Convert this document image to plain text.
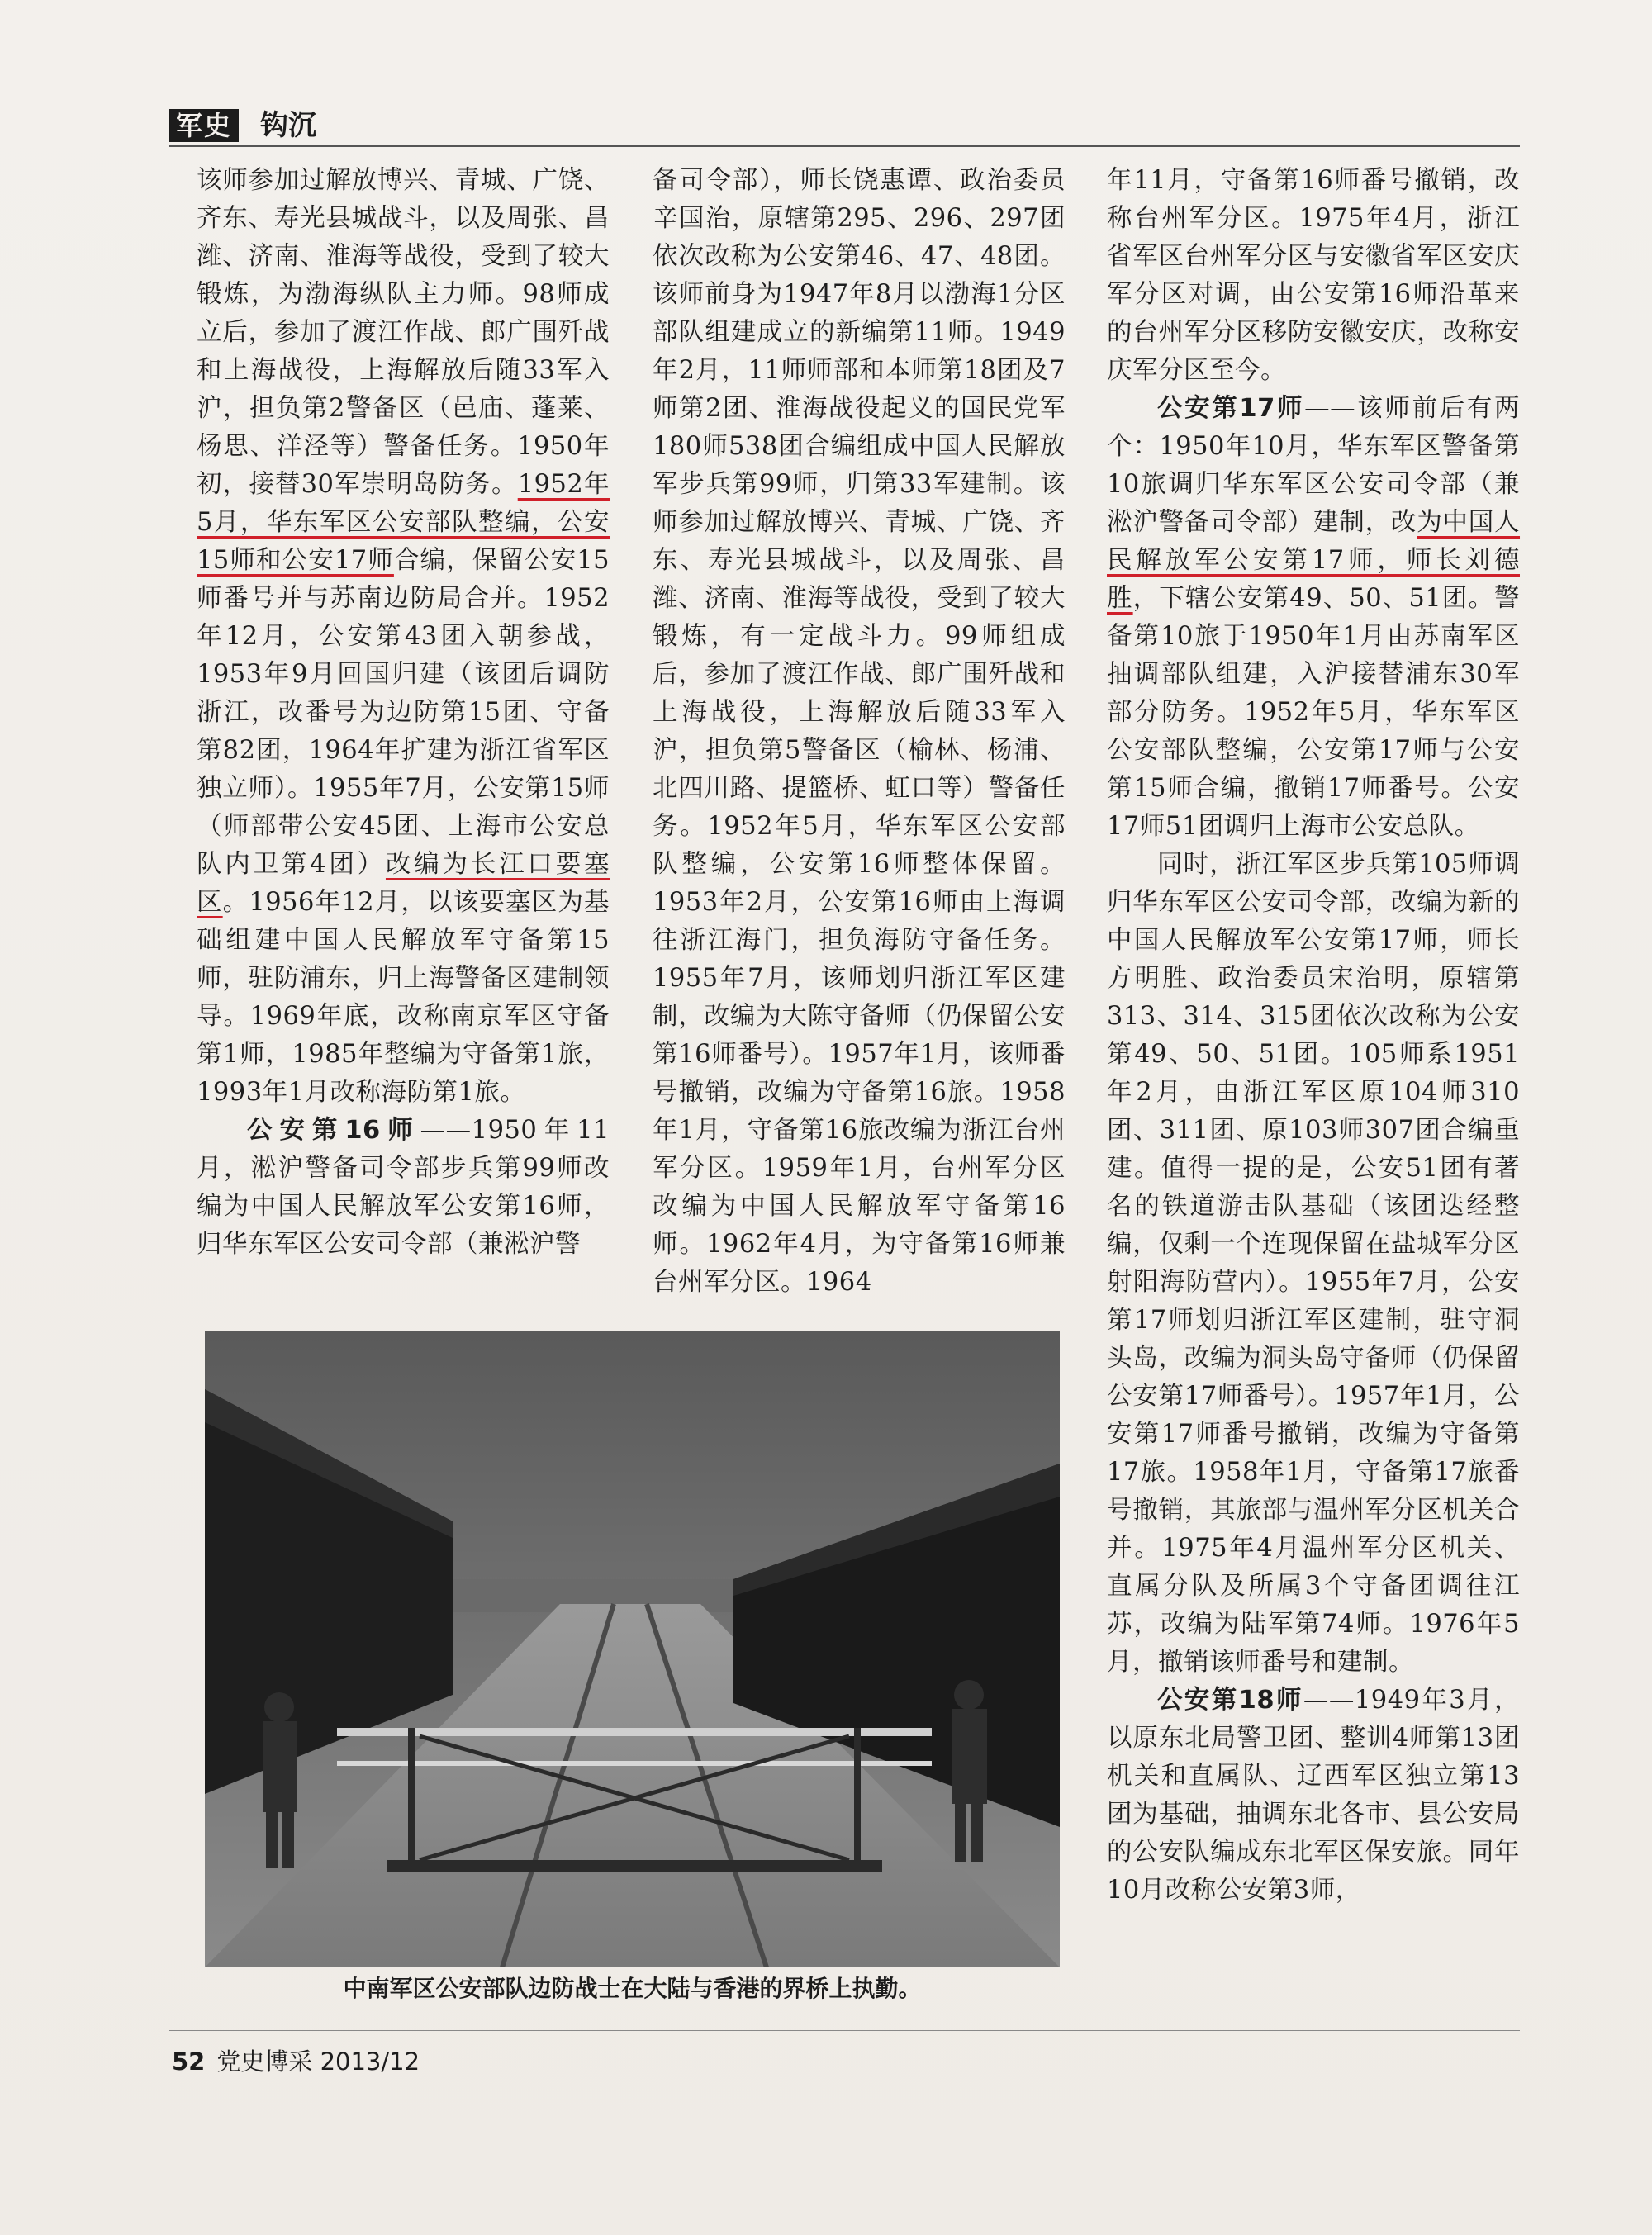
军史 钩沉

该师参加过解放博兴、青城、广饶、齐东、寿光县城战斗，以及周张、昌潍、济南、淮海等战役，受到了较大锻炼，为渤海纵队主力师。98师成立后，参加了渡江作战、郎广围歼战和上海战役，上海解放后随33军入沪，担负第2警备区（邑庙、蓬莱、杨思、洋泾等）警备任务。1950年初，接替30军崇明岛防务。1952年5月，华东军区公安部队整编，公安15师和公安17师合编，保留公安15师番号并与苏南边防局合并。1952年12月，公安第43团入朝参战，1953年9月回国归建（该团后调防浙江，改番号为边防第15团、守备第82团，1964年扩建为浙江省军区独立师）。1955年7月，公安第15师（师部带公安45团、上海市公安总队内卫第4团）改编为长江口要塞区。1956年12月，以该要塞区为基础组建中国人民解放军守备第15师，驻防浦东，归上海警备区建制领导。1969年底，改称南京军区守备第1师，1985年整编为守备第1旅，1993年1月改称海防第1旅。

公安第16师——1950年11月，淞沪警备司令部步兵第99师改编为中国人民解放军公安第16师，归华东军区公安司令部（兼淞沪警

备司令部），师长饶惠谭、政治委员辛国治，原辖第295、296、297团依次改称为公安第46、47、48团。该师前身为1947年8月以渤海1分区部队组建成立的新编第11师。1949年2月，11师师部和本师第18团及7师第2团、淮海战役起义的国民党军180师538团合编组成中国人民解放军步兵第99师，归第33军建制。该师参加过解放博兴、青城、广饶、齐东、寿光县城战斗，以及周张、昌潍、济南、淮海等战役，受到了较大锻炼，有一定战斗力。99师组成后，参加了渡江作战、郎广围歼战和上海战役，上海解放后随33军入沪，担负第5警备区（榆林、杨浦、北四川路、提篮桥、虹口等）警备任务。1952年5月，华东军区公安部队整编，公安第16师整体保留。1953年2月，公安第16师由上海调往浙江海门，担负海防守备任务。1955年7月，该师划归浙江军区建制，改编为大陈守备师（仍保留公安第16师番号）。1957年1月，该师番号撤销，改编为守备第16旅。1958年1月，守备第16旅改编为浙江台州军分区。1959年1月，台州军分区改编为中国人民解放军守备第16师。1962年4月，为守备第16师兼台州军分区。1964

年11月，守备第16师番号撤销，改称台州军分区。1975年4月，浙江省军区台州军分区与安徽省军区安庆军分区对调，由公安第16师沿革来的台州军分区移防安徽安庆，改称安庆军分区至今。

公安第17师——该师前后有两个：1950年10月，华东军区警备第10旅调归华东军区公安司令部（兼淞沪警备司令部）建制，改为中国人民解放军公安第17师，师长刘德胜，下辖公安第49、50、51团。警备第10旅于1950年1月由苏南军区抽调部队组建，入沪接替浦东30军部分防务。1952年5月，华东军区公安部队整编，公安第17师与公安第15师合编，撤销17师番号。公安17师51团调归上海市公安总队。

同时，浙江军区步兵第105师调归华东军区公安司令部，改编为新的中国人民解放军公安第17师，师长方明胜、政治委员宋治明，原辖第313、314、315团依次改称为公安第49、50、51团。105师系1951年2月，由浙江军区原104师310团、311团、原103师307团合编重建。值得一提的是，公安51团有著名的铁道游击队基础（该团迭经整编，仅剩一个连现保留在盐城军分区射阳海防营内）。1955年7月，公安第17师划归浙江军区建制，驻守洞头岛，改编为洞头岛守备师（仍保留公安第17师番号）。1957年1月，公安第17师番号撤销，改编为守备第17旅。1958年1月，守备第17旅番号撤销，其旅部与温州军分区机关合并。1975年4月温州军分区机关、直属分队及所属3个守备团调往江苏，改编为陆军第74师。1976年5月，撤销该师番号和建制。

公安第18师——1949年3月，以原东北局警卫团、整训4师第13团机关和直属队、辽西军区独立第13团为基础，抽调东北各市、县公安局的公安队编成东北军区保安旅。同年10月改称公安第3师，

中南军区公安部队边防战士在大陆与香港的界桥上执勤。
52 党史博采 2013/12
